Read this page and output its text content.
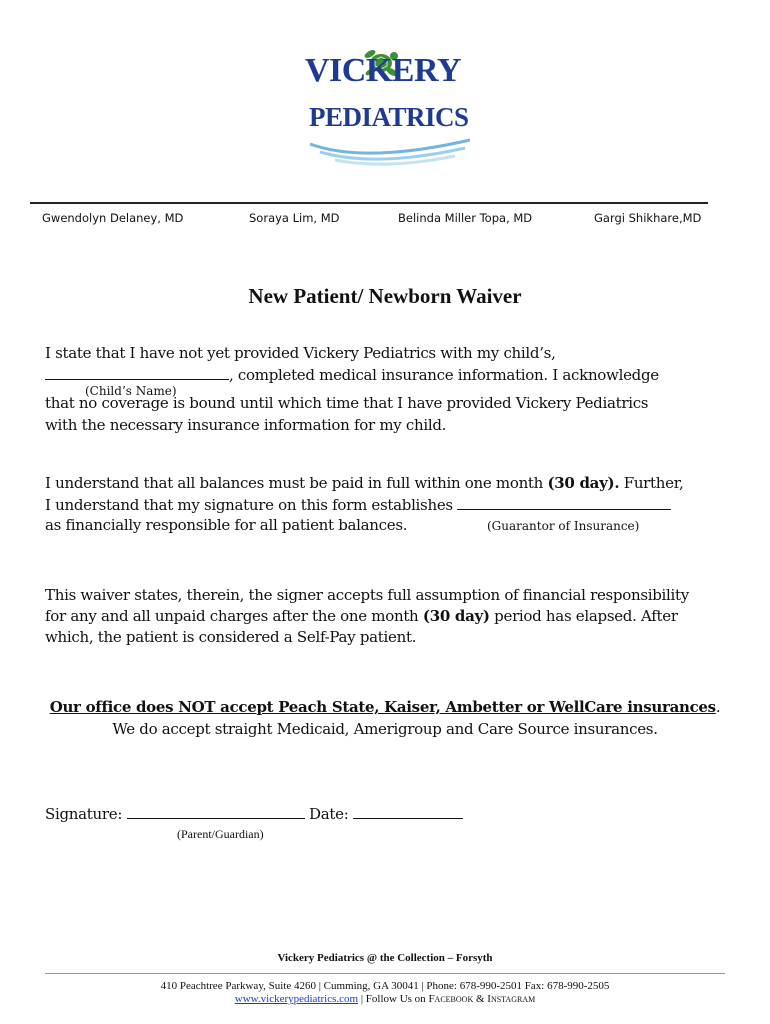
VICKERY
PEDIATRICS
Gwendolyn Delaney, MD	Soraya Lim, MD	Belinda Miller Topa, MD	Gargi Shikhare,MD
New Patient/ Newborn Waiver
I state that I have not yet provided Vickery Pediatrics with my child’s,
, completed medical insurance information. I acknowledge
(Child’s Name)
that no coverage is bound until which time that I have provided Vickery Pediatrics
with the necessary insurance information for my child.
I understand that all balances must be paid in full within one month (30 day). Further,
I understand that my signature on this form establishes
as financially responsible for all patient balances.	(Guarantor of Insurance)
This waiver states, therein, the signer accepts full assumption of financial responsibility
for any and all unpaid charges after the one month (30 day) period has elapsed. After
which, the patient is considered a Self-Pay patient.
Our office does NOT accept Peach State, Kaiser, Ambetter or WellCare insurances.
We do accept straight Medicaid, Amerigroup and Care Source insurances.
Signature:	Date:
(Parent/Guardian)
Vickery Pediatrics @ the Collection – Forsyth
410 Peachtree Parkway, Suite 4260 | Cumming, GA 30041 | Phone: 678-990-2501 Fax: 678-990-2505
www.vickerypediatrics.com | Follow Us on Facebook & Instagram
